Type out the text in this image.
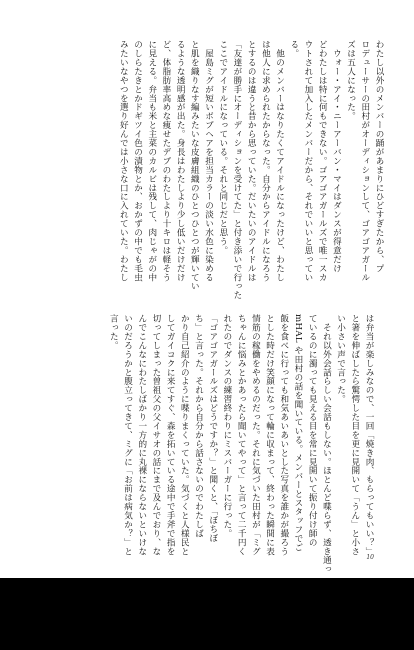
わたし以外のメンバーの踊があまりにひどすぎたから、プ
ロデューサーの田村がオーディションして、ゴアゴアガール
ズは五人になった。
　ウォー・アイ・ニーアーバン・マイはダンスが得意だけ
どわたしは特に何もできない。ゴアゴアガールズで唯一スカ
ウトされて加入したメンバーだから、それでいいと思ってい
る。
　他のメンバーはなりたくてアイドルになったけど、わたし
は他人に求められたからなった。自分からアイドルになろう
とするのは違うと昔から思っていた。だいたいのアイドルは
「友達が勝手にオーディションを受けてた」と付き添いで行った
ここでアイドルになっている。それと同じだと思う。
　屋島ミグが短いボブヘアを担当カラーの淡い水色に染める
と肌を織りなす編みたいな皮膚組織のひとつひとつが輝いてい
るような透明感が出た。身長はわたしより少し低いだけだけ
ど、体脂肪率高めな痩せたデブのわたしより十キロは軽そう
に見える。弁当も米と主菜のカルビは残して、肉じゃがの中
のしらたきとかドギツイ色の漬物とか、おかずの中でも毛虫
みたいなやつを選り好んでは小さな口に入れていた。わたし
は弁当が楽しみなので、一回「焼き肉、もらってもいい？」
と箸を伸ばしたら驚愕した目を更に見開いて「うん」と小さ
い小さい声で言った。
　それ以外会話らしい会話もしない。ほとんど喋らず、透き通っ
ているのに濁っても見える目を常に見開いて振り付け師の
mHAL や田村の話を聞いている。メンバーとスタッフでご
飯を食べに行っても和気あいあいとした写真を誰かが撮ろう
とした時だけ笑顔になって輪に収まって、終わった瞬間に表
情筋の稼働をやめるのだった。それに気づいた田村が「ミグ
ちゃんに悩みとかあったら聞いてやって」と言って二千円く
れたのでダンスの練習終わりにミスバーガーに行った。
「ゴアゴアガールズはどうですか？」と聞くと、「ぼちぼ
ち」と言った。それから自分から話さないのでわたしば
かり自己紹介のように喋りまくっていた。気づくと人様民と
してガイコクに来てすぐ、森を拓いている途中で手斧で指を
切ってしまった曽祖父の父イサオの話にまで及んでおり、な
んでこんなにわたしばかり一方的に丸裸にならないといけな
いのだろうかと腹立ってきて、ミグに「お前は病気か？」と
言った。
10
